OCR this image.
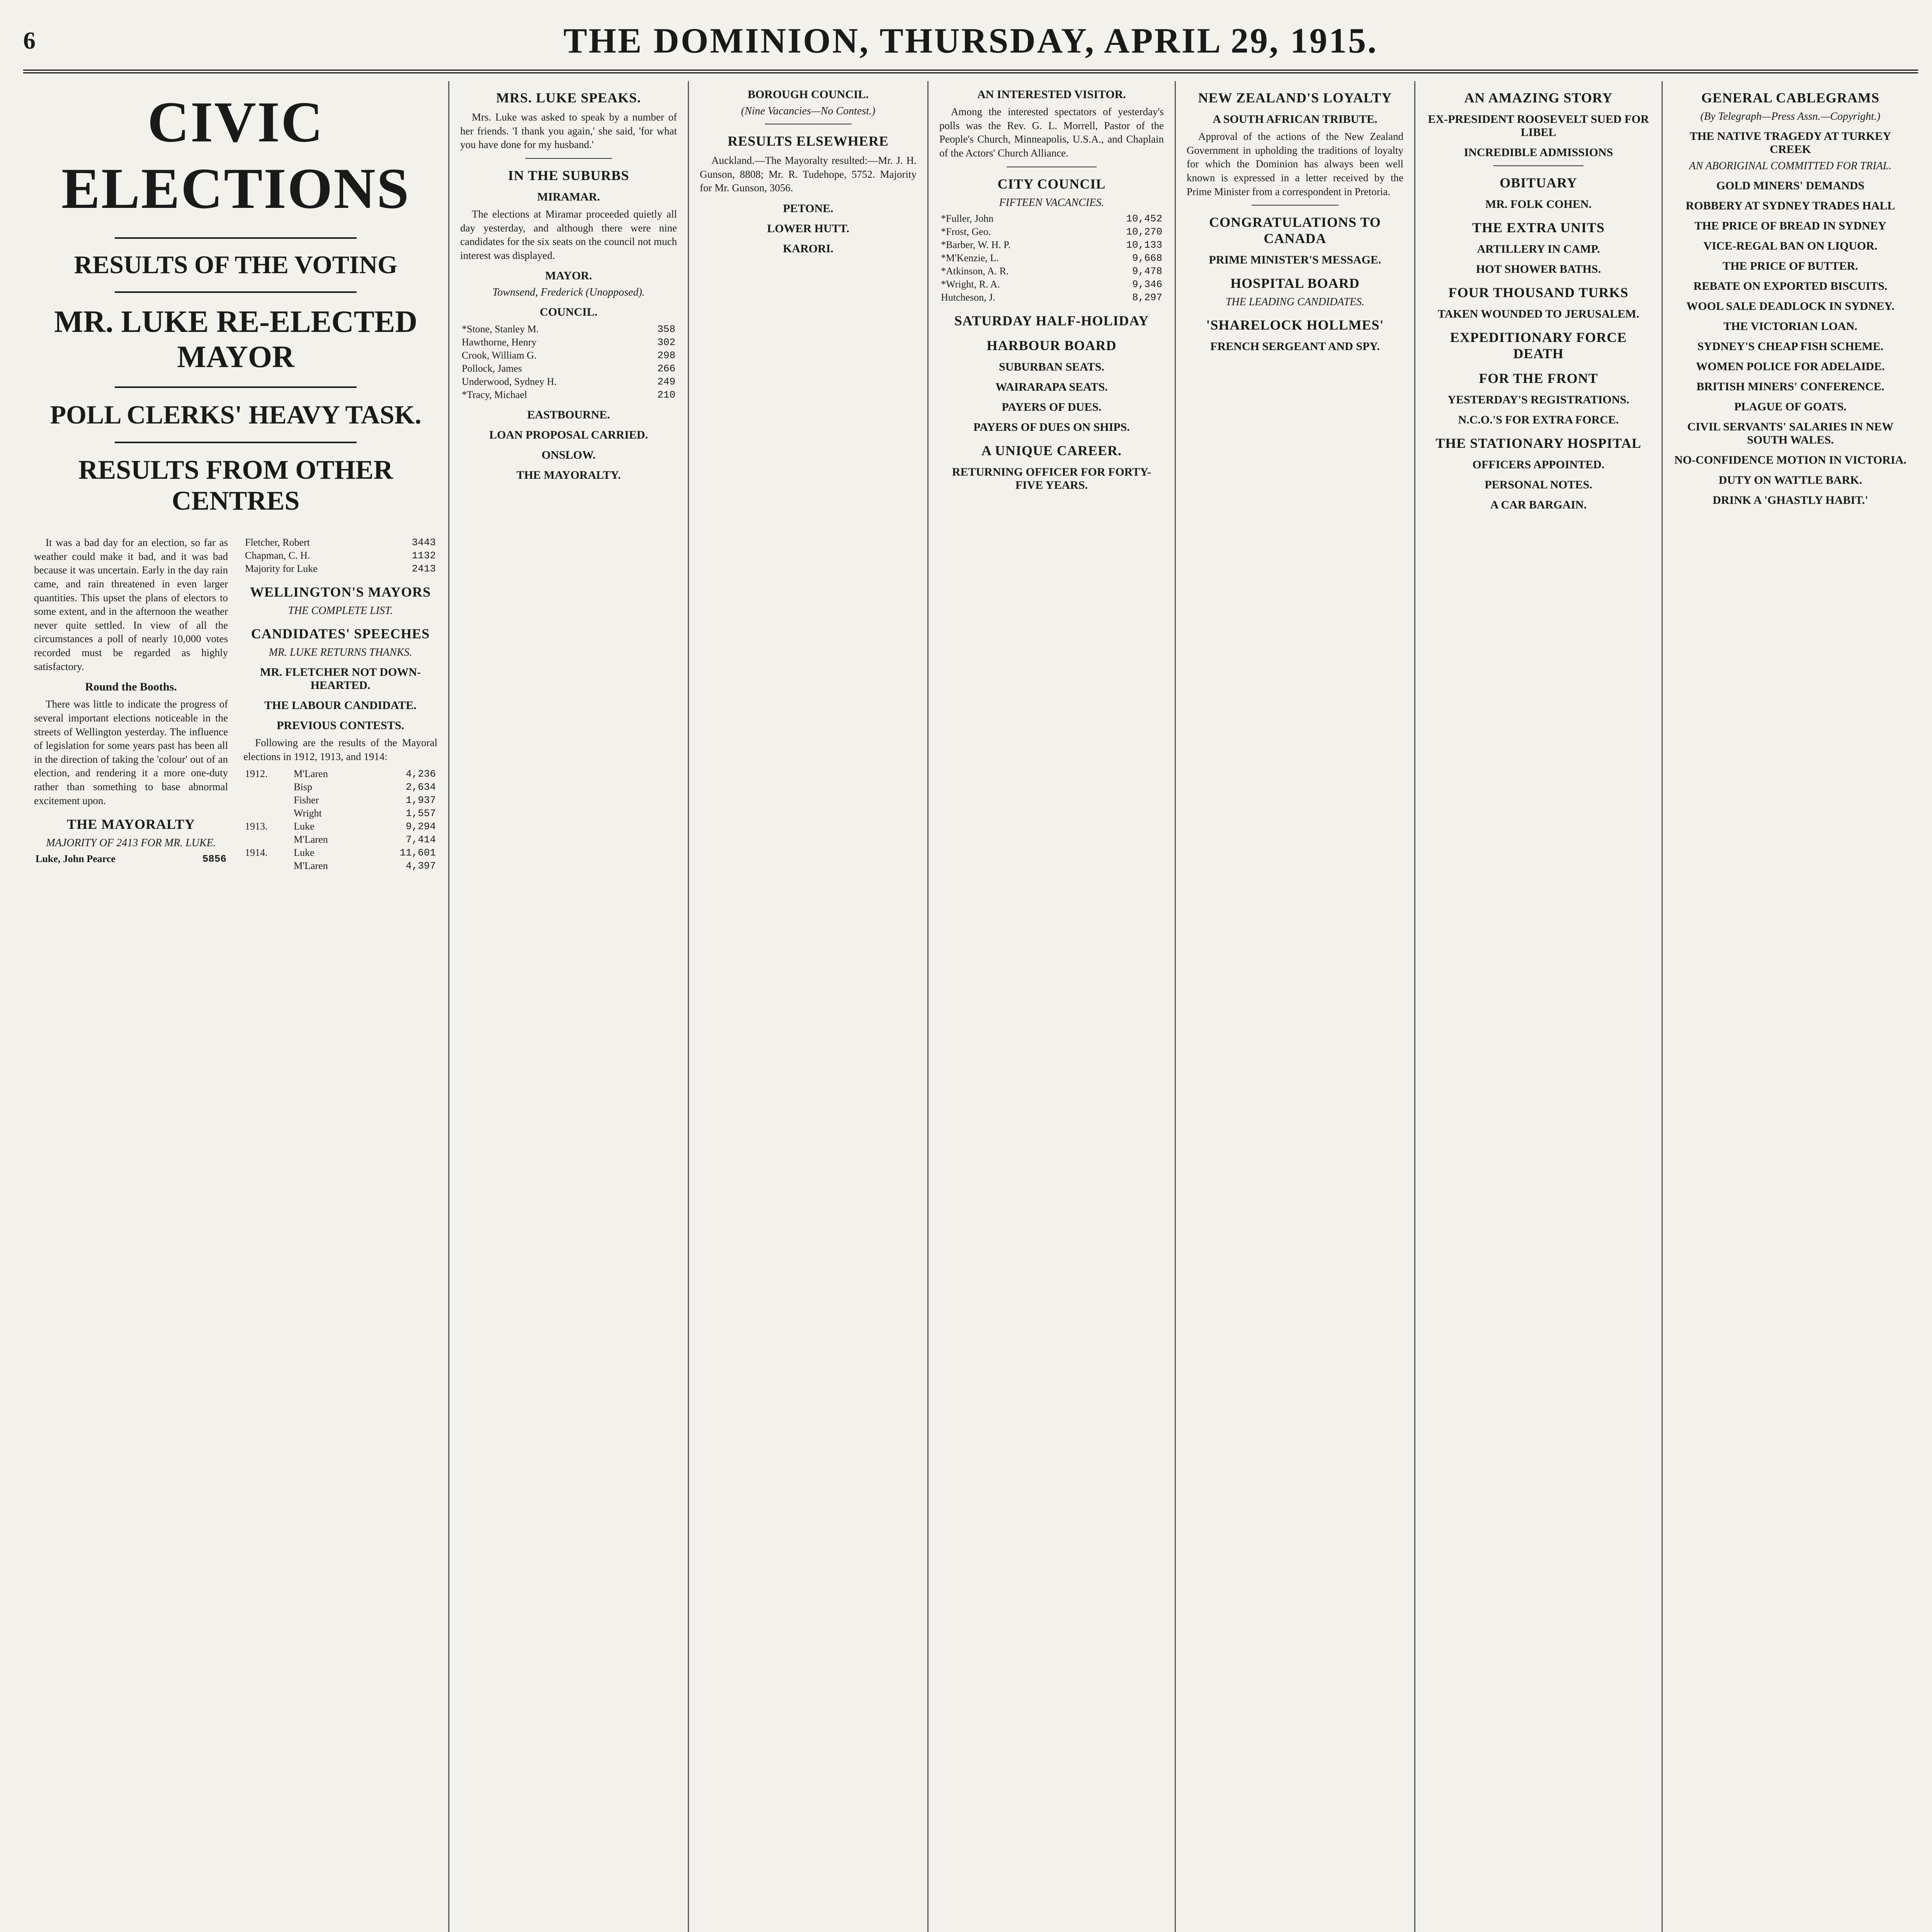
6	THE DOMINION, THURSDAY, APRIL 29, 1915.
CIVIC ELECTIONS
RESULTS OF THE VOTING
MR. LUKE RE-ELECTED MAYOR
POLL CLERKS' HEAVY TASK.
RESULTS FROM OTHER CENTRES

It was a bad day for an election, so far as weather could make it bad, and it was bad because it was uncertain. Early in the day rain came, and rain threatened in even larger quantities. This upset the plans of electors to some extent, and in the afternoon the weather never quite settled. In view of all the circumstances a poll of nearly 10,000 votes recorded must be regarded as highly satisfactory.

Round the Booths.

There was little to indicate the progress of several important elections noticeable in the streets of Wellington yesterday. The influence of legislation for some years past has been all in the direction of taking the 'colour' out of an election, and rendering it a more one-duty rather than something to base abnormal excitement upon.

THE MAYORALTY
MAJORITY OF 2413 FOR MR. LUKE.
Luke, John Pearce	5856
Fletcher, Robert	3443
Chapman, C. H.	1132
Majority for Luke	2413
WELLINGTON'S MAYORS
THE COMPLETE LIST.
CANDIDATES' SPEECHES
MR. LUKE RETURNS THANKS.
MR. FLETCHER NOT DOWN-HEARTED.
THE LABOUR CANDIDATE.
PREVIOUS CONTESTS.

Following are the results of the Mayoral elections in 1912, 1913, and 1914:

1912.	M'Laren	4,236
	Bisp	2,634
	Fisher	1,937
	Wright	1,557
1913.	Luke	9,294
	M'Laren	7,414
1914.	Luke	11,601
	M'Laren	4,397
MRS. LUKE SPEAKS.

Mrs. Luke was asked to speak by a number of her friends. 'I thank you again,' she said, 'for what you have done for my husband.'

IN THE SUBURBS
MIRAMAR.

The elections at Miramar proceeded quietly all day yesterday, and although there were nine candidates for the six seats on the council not much interest was displayed.

MAYOR.
Townsend, Frederick (Unopposed).
COUNCIL.
*Stone, Stanley M.	358
Hawthorne, Henry	302
Crook, William G.	298
Pollock, James	266
Underwood, Sydney H.	249
*Tracy, Michael	210
EASTBOURNE.
LOAN PROPOSAL CARRIED.
ONSLOW.
THE MAYORALTY.
BOROUGH COUNCIL.
(Nine Vacancies—No Contest.)
RESULTS ELSEWHERE

Auckland.—The Mayoralty resulted:—Mr. J. H. Gunson, 8808; Mr. R. Tudehope, 5752. Majority for Mr. Gunson, 3056.

PETONE.
LOWER HUTT.
KARORI.
AN INTERESTED VISITOR.

Among the interested spectators of yesterday's polls was the Rev. G. L. Morrell, Pastor of the People's Church, Minneapolis, U.S.A., and Chaplain of the Actors' Church Alliance.

CITY COUNCIL
FIFTEEN VACANCIES.
*Fuller, John	10,452
*Frost, Geo.	10,270
*Barber, W. H. P.	10,133
*M'Kenzie, L.	9,668
*Atkinson, A. R.	9,478
*Wright, R. A.	9,346
Hutcheson, J.	8,297
SATURDAY HALF-HOLIDAY
HARBOUR BOARD
SUBURBAN SEATS.
WAIRARAPA SEATS.
PAYERS OF DUES.
PAYERS OF DUES ON SHIPS.
A UNIQUE CAREER.
RETURNING OFFICER FOR FORTY-FIVE YEARS.
NEW ZEALAND'S LOYALTY
A SOUTH AFRICAN TRIBUTE.

Approval of the actions of the New Zealand Government in upholding the traditions of loyalty for which the Dominion has always been well known is expressed in a letter received by the Prime Minister from a correspondent in Pretoria.

CONGRATULATIONS TO CANADA
PRIME MINISTER'S MESSAGE.
HOSPITAL BOARD
THE LEADING CANDIDATES.
'SHARELOCK HOLLMES'
FRENCH SERGEANT AND SPY.
AN AMAZING STORY
EX-PRESIDENT ROOSEVELT SUED FOR LIBEL
INCREDIBLE ADMISSIONS
OBITUARY
MR. FOLK COHEN.
THE EXTRA UNITS
ARTILLERY IN CAMP.
HOT SHOWER BATHS.
FOUR THOUSAND TURKS
TAKEN WOUNDED TO JERUSALEM.
EXPEDITIONARY FORCE DEATH
FOR THE FRONT
YESTERDAY'S REGISTRATIONS.
N.C.O.'S FOR EXTRA FORCE.
THE STATIONARY HOSPITAL
OFFICERS APPOINTED.
PERSONAL NOTES.
A CAR BARGAIN.
GENERAL CABLEGRAMS
(By Telegraph—Press Assn.—Copyright.)
THE NATIVE TRAGEDY AT TURKEY CREEK
AN ABORIGINAL COMMITTED FOR TRIAL.
GOLD MINERS' DEMANDS
ROBBERY AT SYDNEY TRADES HALL
THE PRICE OF BREAD IN SYDNEY
VICE-REGAL BAN ON LIQUOR.
THE PRICE OF BUTTER.
REBATE ON EXPORTED BISCUITS.
WOOL SALE DEADLOCK IN SYDNEY.
THE VICTORIAN LOAN.
SYDNEY'S CHEAP FISH SCHEME.
WOMEN POLICE FOR ADELAIDE.
BRITISH MINERS' CONFERENCE.
PLAGUE OF GOATS.
CIVIL SERVANTS' SALARIES IN NEW SOUTH WALES.
NO-CONFIDENCE MOTION IN VICTORIA.
DUTY ON WATTLE BARK.
DRINK A 'GHASTLY HABIT.'
